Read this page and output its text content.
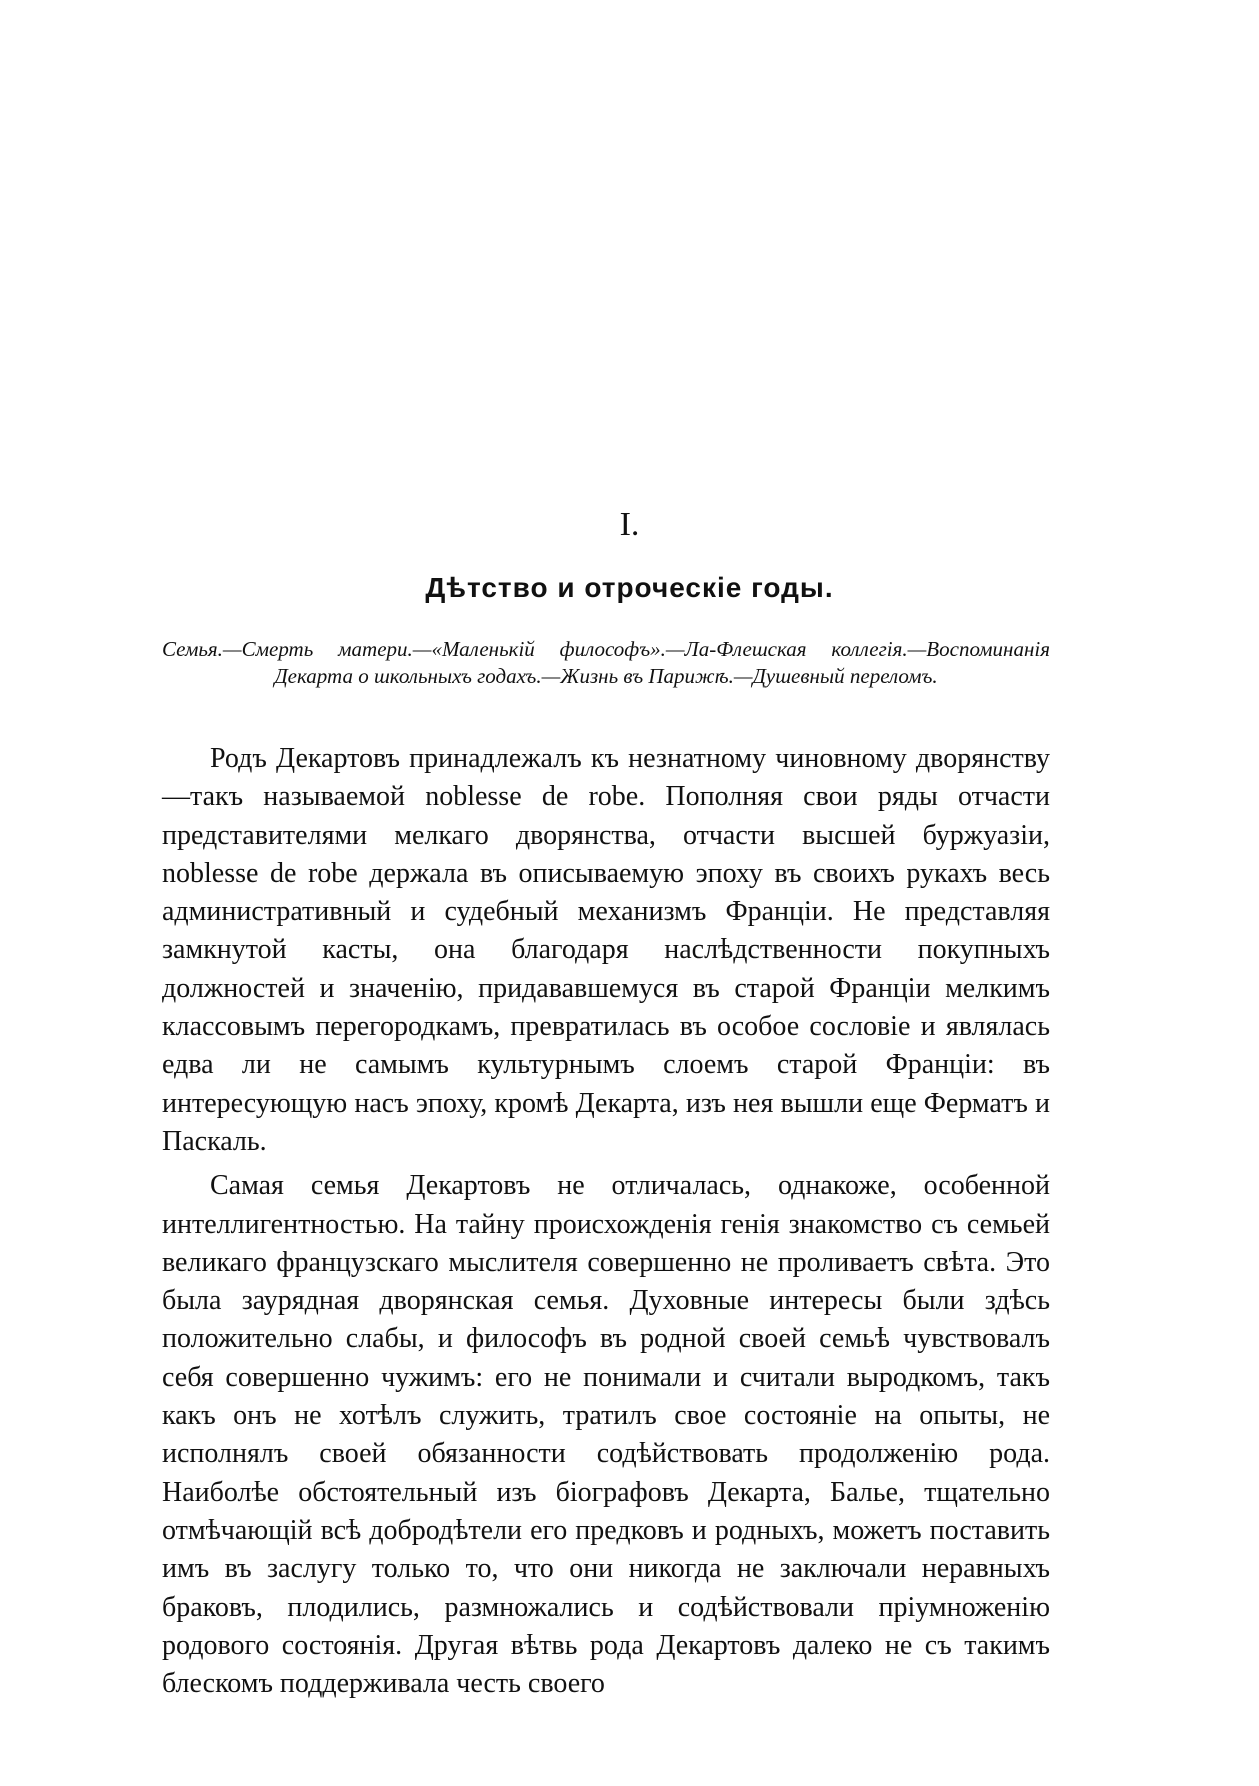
I.
Дѣтство и отроческіе годы.

Семья.—Смерть матери.—«Маленькій философъ».—Ла-Флешская коллегія.—Воспоминанія Декарта о школьныхъ годахъ.—Жизнь въ Парижѣ.—Душевный переломъ.

Родъ Декартовъ принадлежалъ къ незнатному чиновному дворянству—такъ называемой noblesse de robe. Пополняя свои ряды отчасти представителями мелкаго дворянства, отчасти высшей буржуазіи, noblesse de robe держала въ описываемую эпоху въ своихъ рукахъ весь административный и судебный механизмъ Франціи. Не представляя замкнутой касты, она благодаря наслѣдственности покупныхъ должностей и значенію, придававшемуся въ старой Франціи мелкимъ классовымъ перегородкамъ, превратилась въ особое сословіе и являлась едва ли не самымъ культурнымъ слоемъ старой Франціи: въ интересующую насъ эпоху, кромѣ Декарта, изъ нея вышли еще Ферматъ и Паскаль.

Самая семья Декартовъ не отличалась, однакоже, особенной интеллигентностью. На тайну происхожденія генія знакомство съ семьей великаго французскаго мыслителя совершенно не проливаетъ свѣта. Это была заурядная дворянская семья. Духовные интересы были здѣсь положительно слабы, и философъ въ родной своей семьѣ чувствовалъ себя совершенно чужимъ: его не понимали и считали выродкомъ, такъ какъ онъ не хотѣлъ служить, тратилъ свое состояніе на опыты, не исполнялъ своей обязанности содѣйствовать продолженію рода. Наиболѣе обстоятельный изъ біографовъ Декарта, Балье, тщательно отмѣчающій всѣ добродѣтели его предковъ и родныхъ, можетъ поставить имъ въ заслугу только то, что они никогда не заключали неравныхъ браковъ, плодились, размножались и содѣйствовали пріумноженію родового состоянія. Другая вѣтвь рода Декартовъ далеко не съ такимъ блескомъ поддерживала честь своего
